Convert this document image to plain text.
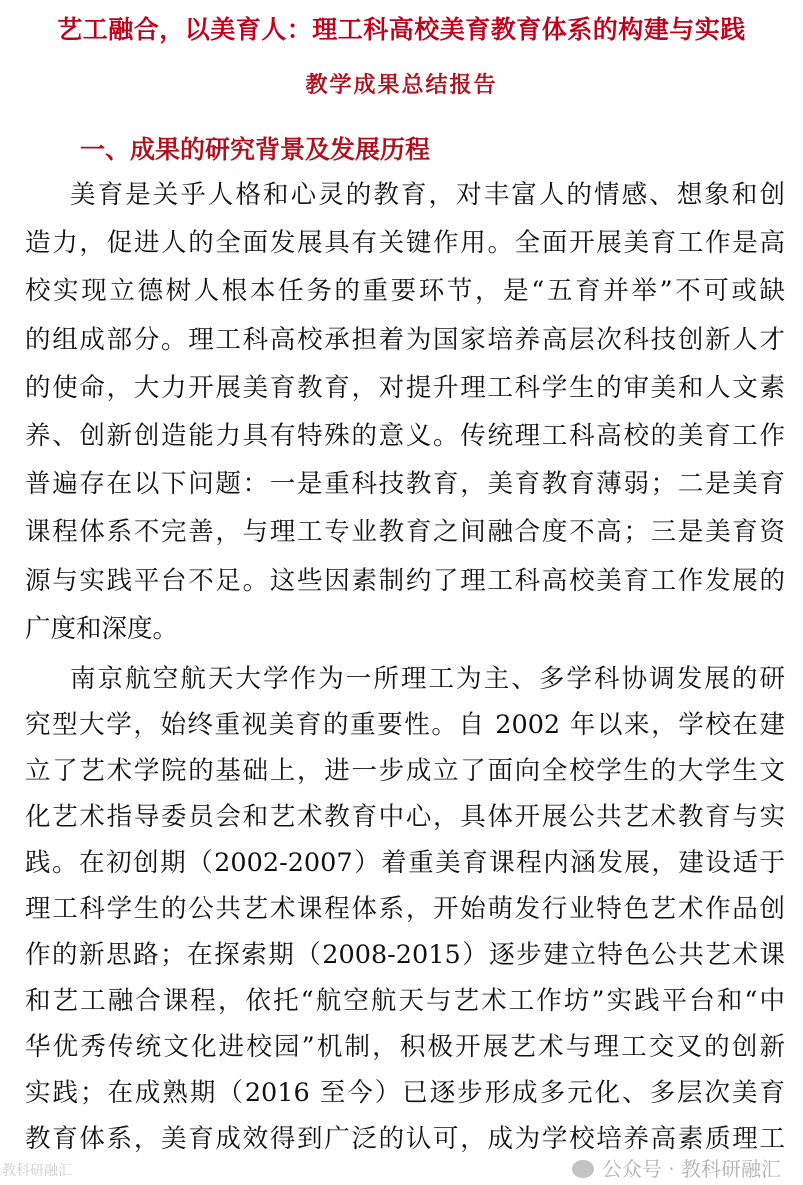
艺工融合，以美育人：理工科高校美育教育体系的构建与实践
教学成果总结报告
一、成果的研究背景及发展历程
美育是关乎人格和心灵的教育，对丰富人的情感、想象和创
造力，促进人的全面发展具有关键作用。全面开展美育工作是高
校实现立德树人根本任务的重要环节，是“五育并举”不可或缺
的组成部分。理工科高校承担着为国家培养高层次科技创新人才
的使命，大力开展美育教育，对提升理工科学生的审美和人文素
养、创新创造能力具有特殊的意义。传统理工科高校的美育工作
普遍存在以下问题：一是重科技教育，美育教育薄弱；二是美育
课程体系不完善，与理工专业教育之间融合度不高；三是美育资
源与实践平台不足。这些因素制约了理工科高校美育工作发展的
广度和深度。
南京航空航天大学作为一所理工为主、多学科协调发展的研
究型大学，始终重视美育的重要性。自 2002 年以来，学校在建
立了艺术学院的基础上，进一步成立了面向全校学生的大学生文
化艺术指导委员会和艺术教育中心，具体开展公共艺术教育与实
践。在初创期（2002-2007）着重美育课程内涵发展，建设适于
理工科学生的公共艺术课程体系，开始萌发行业特色艺术作品创
作的新思路；在探索期（2008-2015）逐步建立特色公共艺术课
和艺工融合课程，依托“航空航天与艺术工作坊”实践平台和“中
华优秀传统文化进校园”机制，积极开展艺术与理工交叉的创新
实践；在成熟期（2016 至今）已逐步形成多元化、多层次美育
教育体系，美育成效得到广泛的认可，成为学校培养高素质理工
公众号 · 教科研融汇
教科研融汇
